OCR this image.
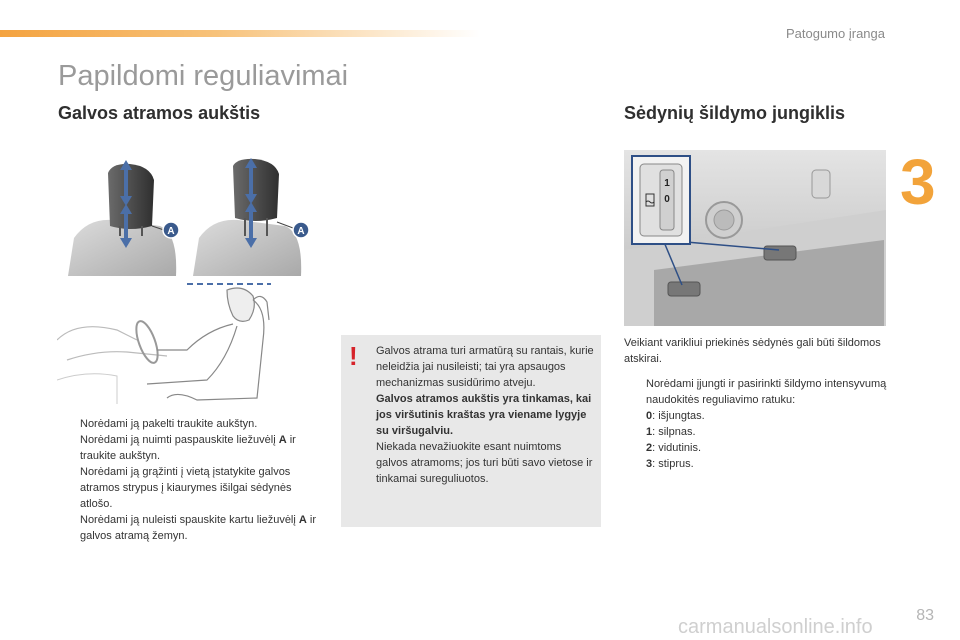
Patogumo įranga
3
Papildomi reguliavimai
Galvos atramos aukštis	Sėdynių šildymo jungiklis
A	A
Norėdami ją pakelti traukite aukštyn.
Norėdami ją nuimti paspauskite liežuvėlį A ir traukite aukštyn.
Norėdami ją grąžinti į vietą įstatykite galvos atramos strypus į kiaurymes išilgai sėdynės atlošo.
Norėdami ją nuleisti spauskite kartu liežuvėlį A ir galvos atramą žemyn.
! Galvos atrama turi armatūrą su rantais, kurie neleidžia jai nusileisti; tai yra apsaugos mechanizmas susidūrimo atveju.

Galvos atramos aukštis yra tinkamas, kai jos viršutinis kraštas yra viename lygyje su viršugalviu.

Niekada nevažiuokite esant nuimtoms galvos atramoms; jos turi būti savo vietose ir tinkamai sureguliuotos.

1
0

Veikiant varikliui priekinės sėdynės gali būti šildomos atskirai.

Norėdami įjungti ir pasirinkti šildymo intensyvumą naudokitės reguliavimo ratuku:
0: išjungtas.
1: silpnas.
2: vidutinis.
3: stiprus.
83
carmanualsonline.info
